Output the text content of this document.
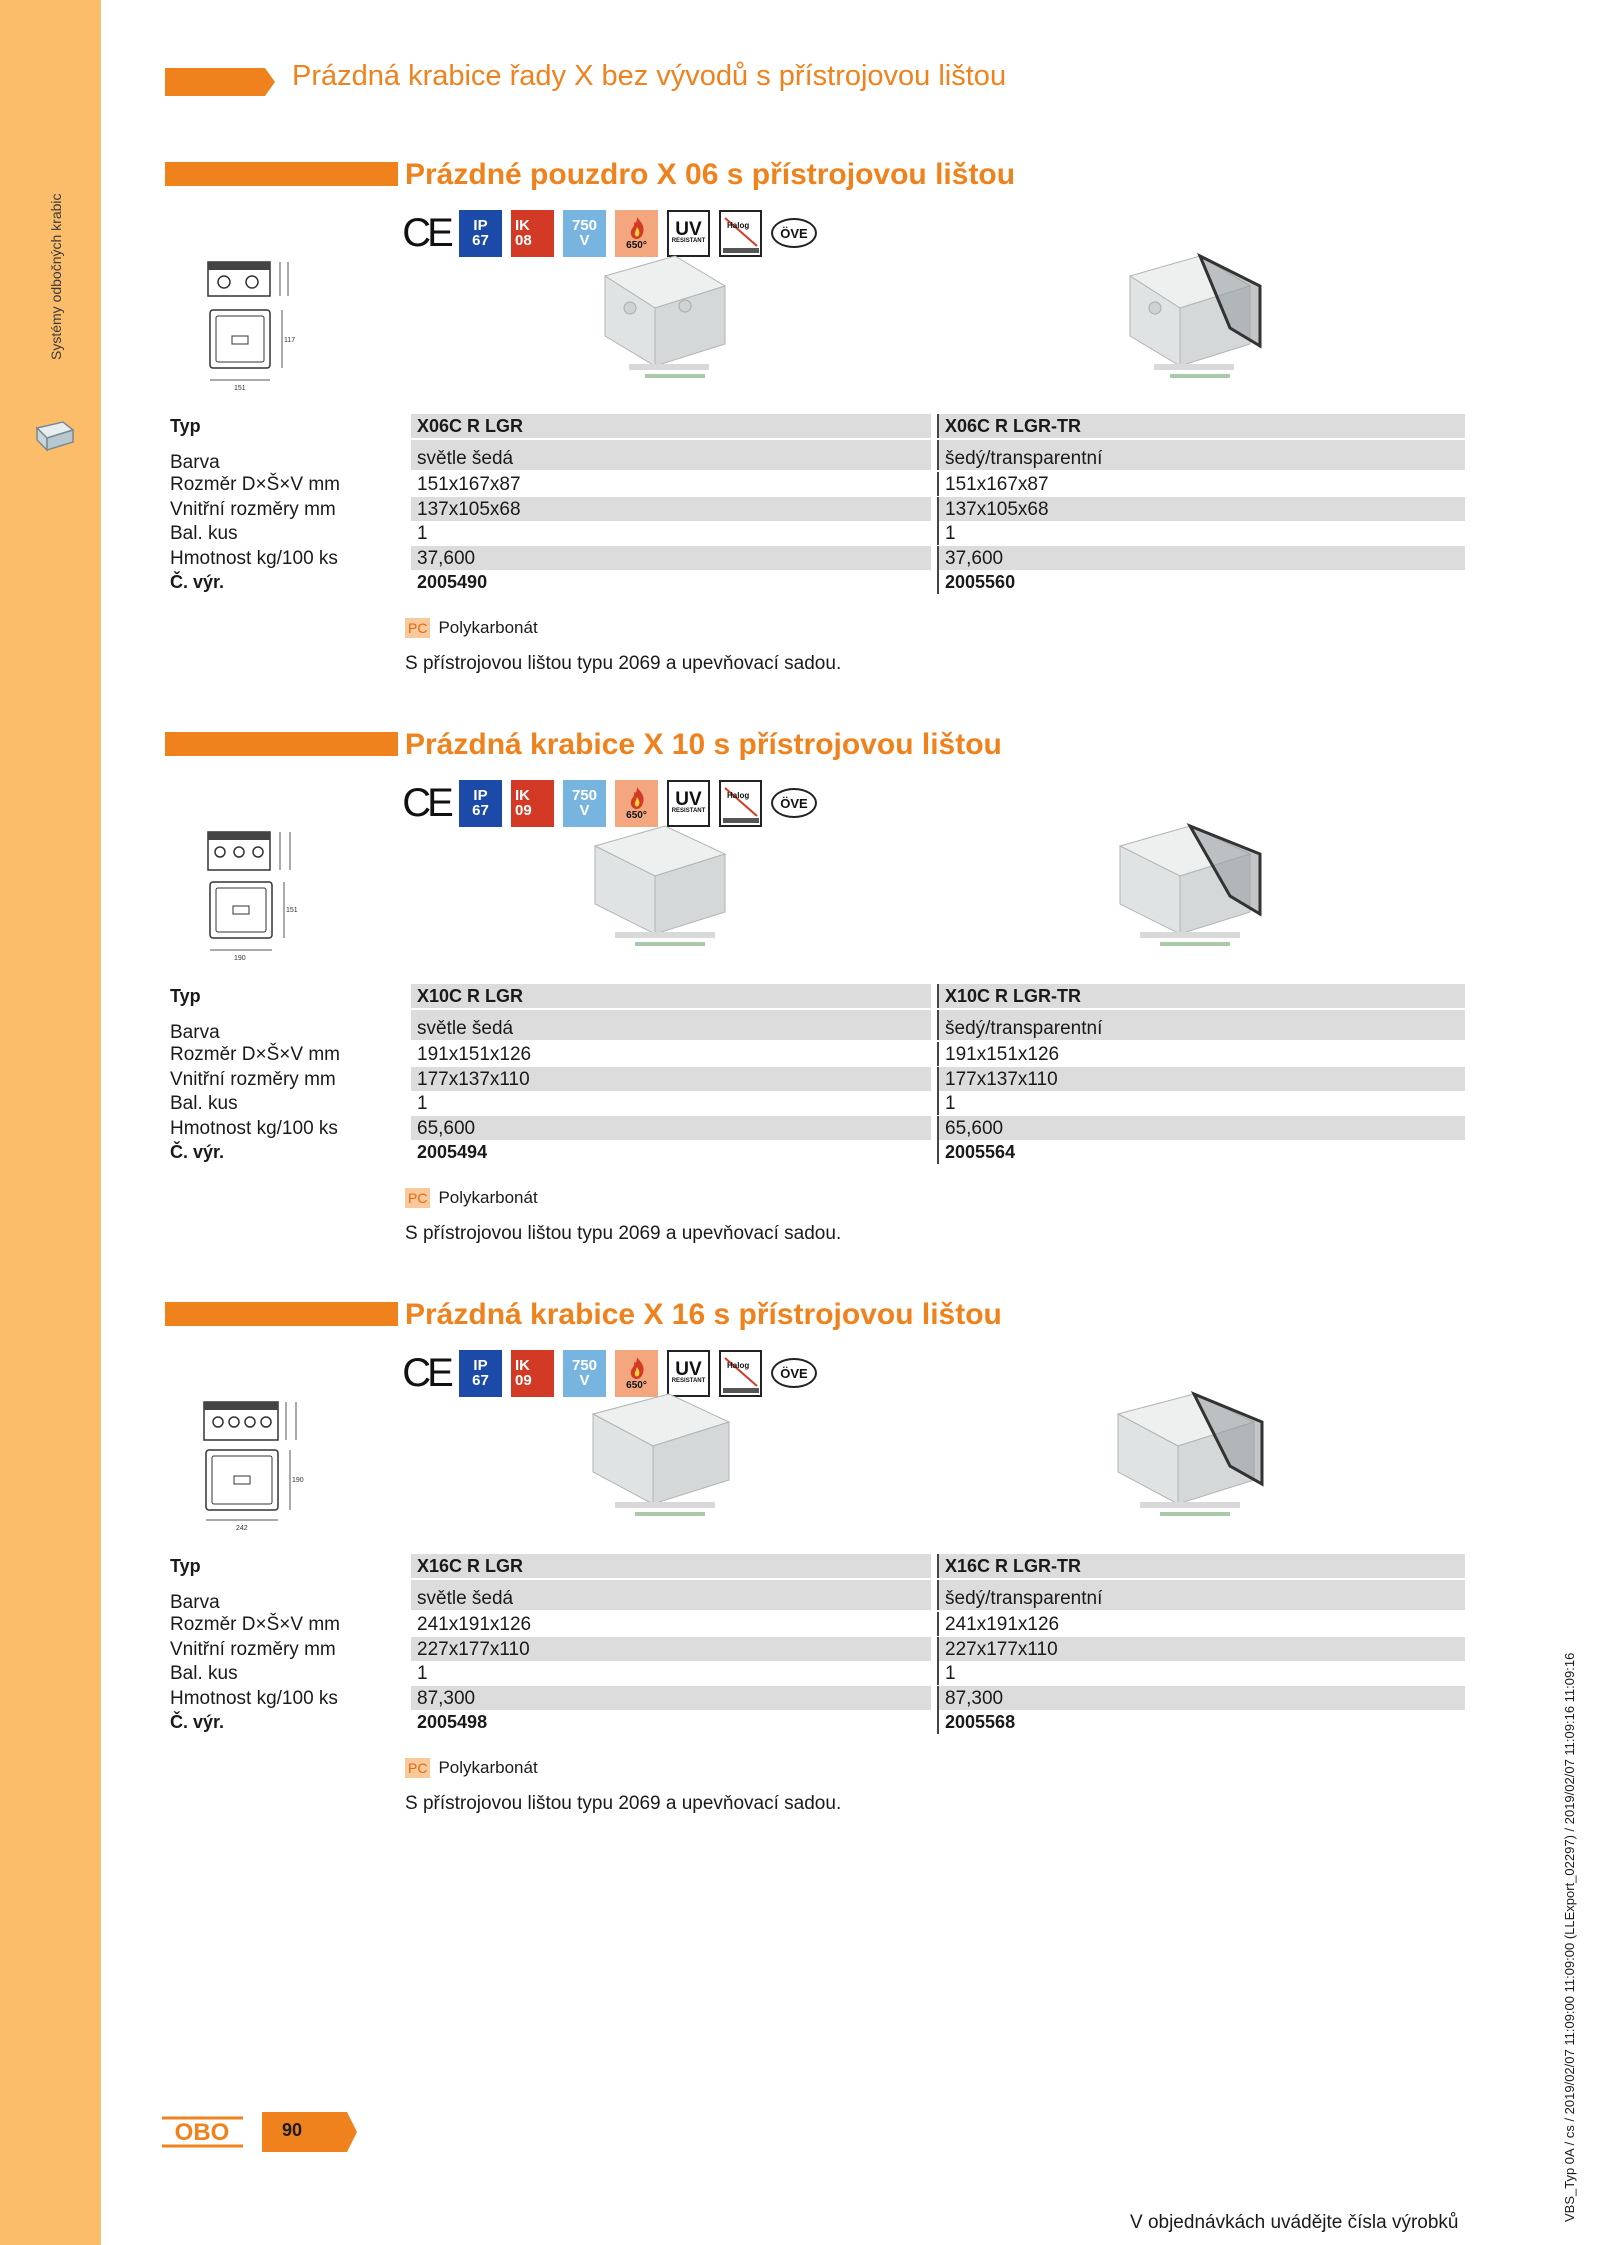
Systémy odbočných krabic
Prázdná krabice řady X bez vývodů s přístrojovou lištou
Prázdné pouzdro X 06 s přístrojovou lištou
CE IP
67
IK
08
750
V	650°
UV
RESISTANT
Halog
ÖVE
151
117
Typ	X06C R LGR	X06C R LGR-TR
Barva	světle šedá	šedý/transparentní
Rozměr D×Š×V mm	151x167x87	151x167x87
Vnitřní rozměry mm	137x105x68	137x105x68
Bal. kus	1	1
Hmotnost kg/100 ks	37,600	37,600
Č. výr.	2005490	2005560
PC Polykarbonát
S přístrojovou lištou typu 2069 a upevňovací sadou.
Prázdná krabice X 10 s přístrojovou lištou
CE IP
67
IK
09
750
V	650°
UV
RESISTANT
Halog
ÖVE
190
151
Typ	X10C R LGR	X10C R LGR-TR
Barva	světle šedá	šedý/transparentní
Rozměr D×Š×V mm	191x151x126	191x151x126
Vnitřní rozměry mm	177x137x110	177x137x110
Bal. kus	1	1
Hmotnost kg/100 ks	65,600	65,600
Č. výr.	2005494	2005564
PC Polykarbonát
S přístrojovou lištou typu 2069 a upevňovací sadou.
Prázdná krabice X 16 s přístrojovou lištou
CE IP
67
IK
09
750
V	650°
UV
RESISTANT
Halog
ÖVE
242
190
Typ	X16C R LGR	X16C R LGR-TR
Barva	světle šedá	šedý/transparentní
Rozměr D×Š×V mm	241x191x126	241x191x126
Vnitřní rozměry mm	227x177x110	227x177x110
Bal. kus	1	1
Hmotnost kg/100 ks	87,300	87,300
Č. výr.	2005498	2005568
PC Polykarbonát
S přístrojovou lištou typu 2069 a upevňovací sadou.
OBO	90
V objednávkách uvádějte čísla výrobků
VBS_Typ 0A / cs / 2019/02/07 11:09:00 11:09:00 (LLExport_02297) / 2019/02/07 11:09:16 11:09:16
